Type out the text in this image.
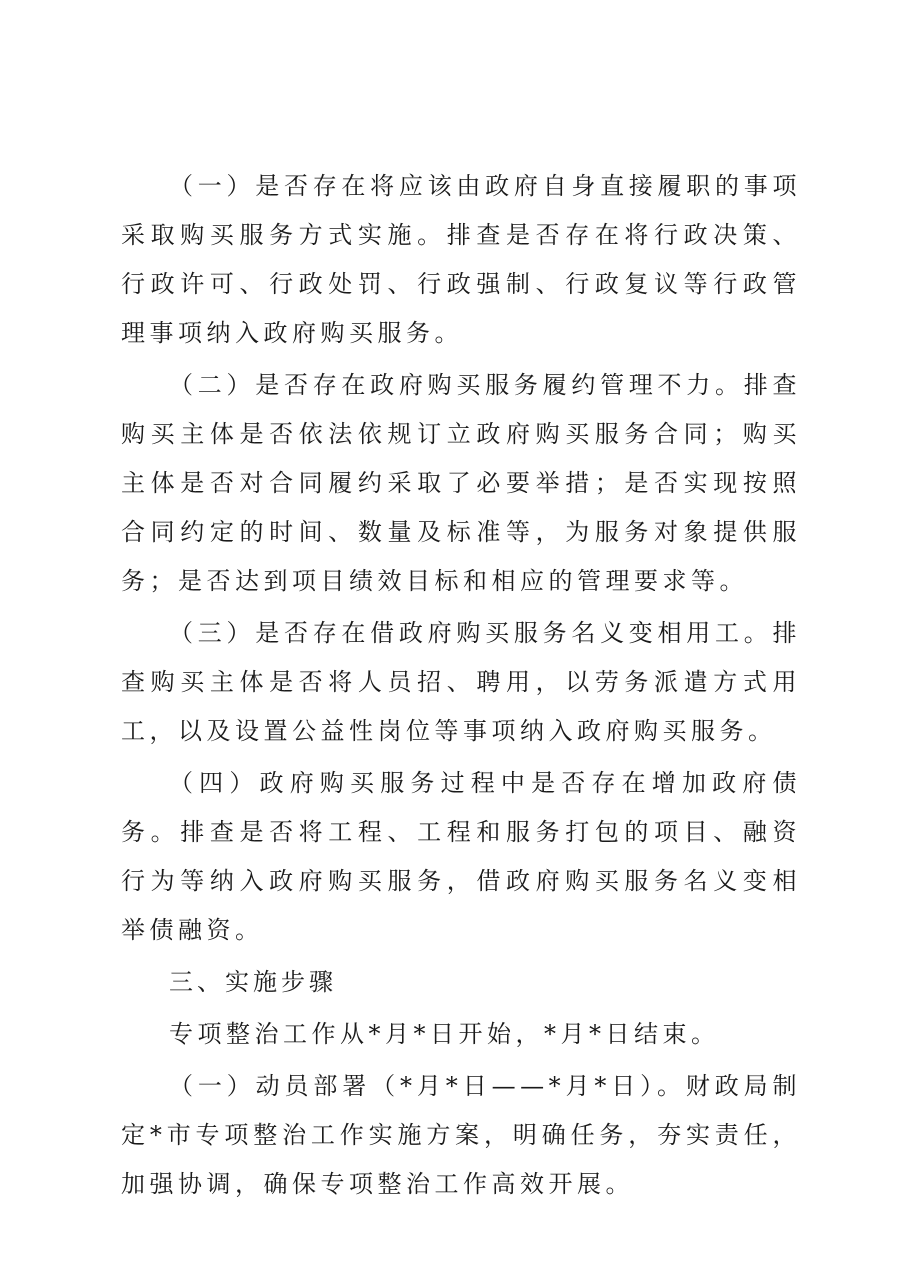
（一）是否存在将应该由政府自身直接履职的事项采取购买服务方式实施。排查是否存在将行政决策、行政许可、行政处罚、行政强制、行政复议等行政管理事项纳入政府购买服务。

（二）是否存在政府购买服务履约管理不力。排查购买主体是否依法依规订立政府购买服务合同；购买主体是否对合同履约采取了必要举措；是否实现按照合同约定的时间、数量及标准等，为服务对象提供服务；是否达到项目绩效目标和相应的管理要求等。

（三）是否存在借政府购买服务名义变相用工。排查购买主体是否将人员招、聘用，以劳务派遣方式用工，以及设置公益性岗位等事项纳入政府购买服务。

（四）政府购买服务过程中是否存在增加政府债务。排查是否将工程、工程和服务打包的项目、融资行为等纳入政府购买服务，借政府购买服务名义变相举债融资。

三、实施步骤

专项整治工作从*月*日开始，*月*日结束。

（一）动员部署（*月*日——*月*日）。财政局制定*市专项整治工作实施方案，明确任务，夯实责任，加强协调，确保专项整治工作高效开展。
